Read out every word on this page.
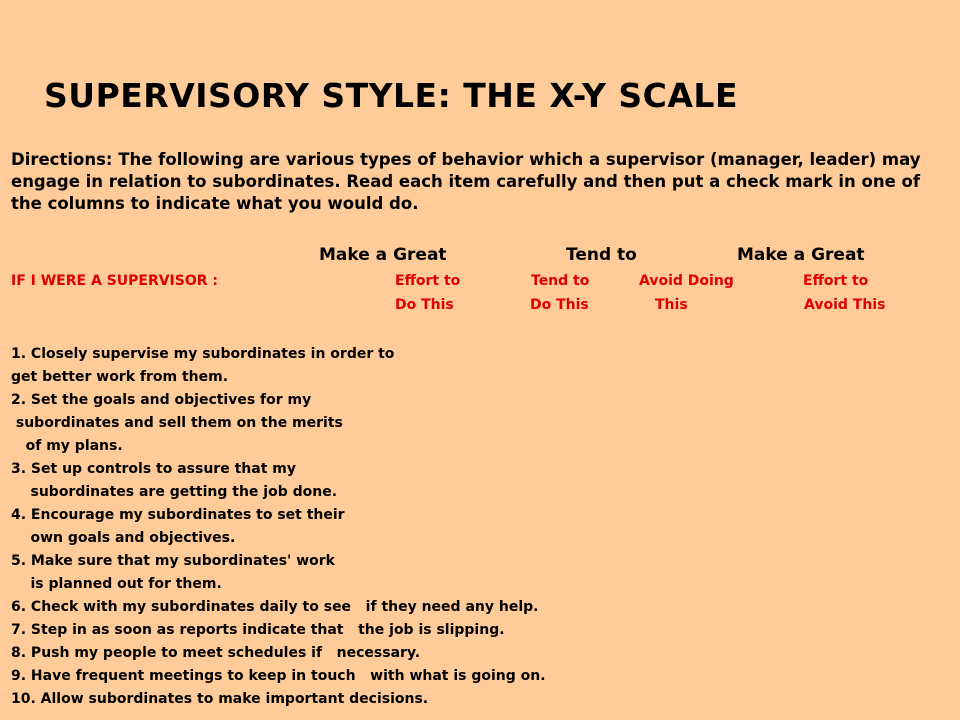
SUPERVISORY STYLE: THE X-Y SCALE
Directions: The following are various types of behavior which a supervisor (manager, leader) may engage in relation to subordinates. Read each item carefully and then put a check mark in one of the columns to indicate what you would do.
Make a Great	Tend to	Make a Great
IF I WERE A SUPERVISOR :	Effort to	Tend to	Avoid Doing	Effort to
Do This	Do This	This	Avoid This
1. Closely supervise my subordinates in order to
get better work from them.
2. Set the goals and objectives for my
subordinates and sell them on the merits
of my plans.
3. Set up controls to assure that my
subordinates are getting the job done.
4. Encourage my subordinates to set their
own goals and objectives.
5. Make sure that my subordinates' work
is planned out for them.
6. Check with my subordinates daily to see   if they need any help.
7. Step in as soon as reports indicate that   the job is slipping.
8. Push my people to meet schedules if   necessary.
9. Have frequent meetings to keep in touch   with what is going on.
10. Allow subordinates to make important decisions.
